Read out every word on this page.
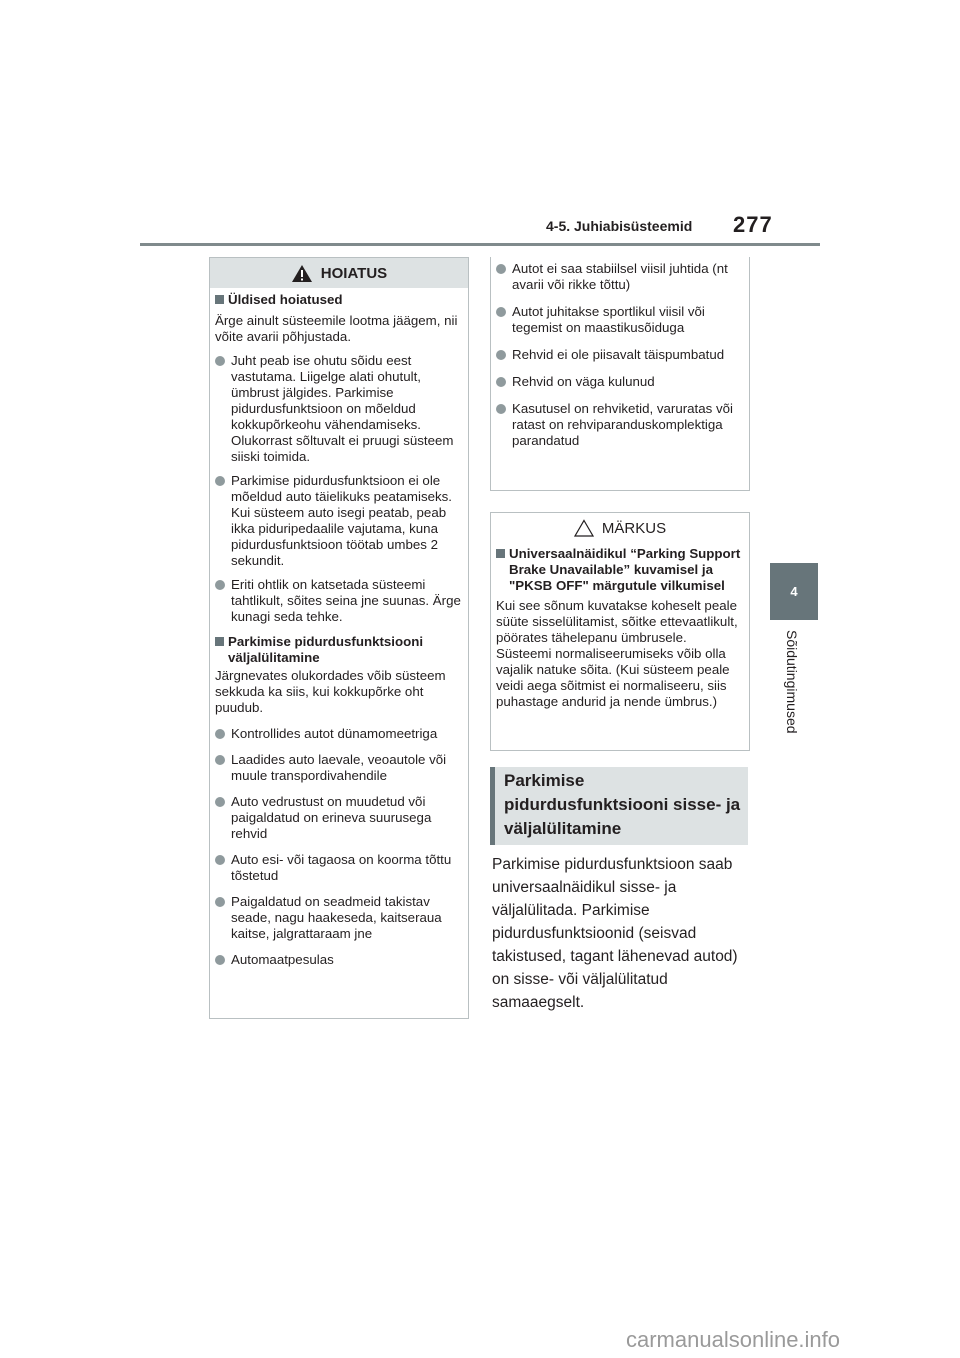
4-5. Juhiabisüsteemid 277
4
Sõidutingimused
HOIATUS
Üldised hoiatused

Ärge ainult süsteemile lootma jäägem, nii võite avarii põhjustada.

Juht peab ise ohutu sõidu eest vastutama. Liigelge alati ohutult, ümbrust jälgides. Parkimise pidurdusfunktsioon on mõeldud kokkupõrkeohu vähendamiseks. Olukorrast sõltuvalt ei pruugi süsteem siiski toimida.
Parkimise pidurdusfunktsioon ei ole mõeldud auto täielikuks peatamiseks. Kui süsteem auto isegi peatab, peab ikka piduripedaalile vajutama, kuna pidurdusfunktsioon töötab umbes 2 sekundit.
Eriti ohtlik on katsetada süsteemi tahtlikult, sõites seina jne suunas. Ärge kunagi seda tehke.
Parkimise pidurdusfunktsiooni väljalülitamine

Järgnevates olukordades võib süsteem sekkuda ka siis, kui kokkupõrke oht puudub.

Kontrollides autot dünamomeetriga
Laadides auto laevale, veoautole või muule transpordivahendile
Auto vedrustust on muudetud või paigaldatud on erineva suurusega rehvid
Auto esi- või tagaosa on koorma tõttu tõstetud
Paigaldatud on seadmeid takistav seade, nagu haakeseda, kaitseraua kaitse, jalgrattaraam jne
Automaatpesulas
Autot ei saa stabiilsel viisil juhtida (nt avarii või rikke tõttu)
Autot juhitakse sportlikul viisil või tegemist on maastikusõiduga
Rehvid ei ole piisavalt täispumbatud
Rehvid on väga kulunud
Kasutusel on rehviketid, varuratas või ratast on rehviparanduskomplektiga parandatud
MÄRKUS
Universaalnäidikul “Parking Support Brake Unavailable” kuvamisel ja "PKSB OFF" märgutule vilkumisel

Kui see sõnum kuvatakse koheselt peale süüte sisselülitamist, sõitke ettevaatlikult, pöörates tähelepanu ümbrusele. Süsteemi normaliseerumiseks võib olla vajalik natuke sõita. (Kui süsteem peale veidi aega sõitmist ei normaliseeru, siis puhastage andurid ja nende ümbrus.)

Parkimise pidurdusfunktsiooni sisse- ja väljalülitamine
Parkimise pidurdusfunktsioon saab universaalnäidikul sisse- ja väljalülitada. Parkimise pidurdusfunktsioonid (seisvad takistused, tagant lähenevad autod) on sisse- või väljalülitatud samaaegselt.
carmanualsonline.info
